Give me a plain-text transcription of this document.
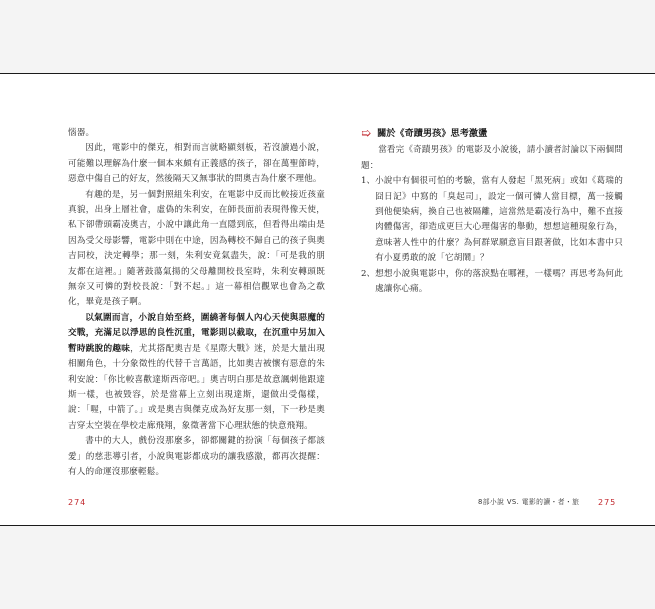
惱器。

因此，電影中的傑克，相對而言就略顯刻板，若沒讀過小說，可能難以理解為什麼一個本來頗有正義感的孩子，卻在萬聖節時，惡意中傷自己的好友，然後隔天又無事狀的問奧吉為什麼不理他。

有趣的是，另一個對照組朱利安，在電影中反而比較接近孩童真貌，出身上層社會，虛偽的朱利安，在師長面前表現得像天使，私下卻帶頭霸凌奧吉，小說中讓此角一直隱到底，但看得出端由是因為受父母影響，電影中則在中途，因為轉校不歸自己的孩子與奧吉同校，決定轉學；那一刻，朱利安竟氣盡失，說：「可是我的朋友都在這裡。」隨著鼓蕩氣揚的父母離開校長室時，朱利安轉頭既無奈又可憐的對校長說：「對不起。」這一幕相信觀眾也會為之欷化，畢竟是孩子啊。

以氣圍而言，小說自始至終，圍繞著每個人內心天使與惡魔的交戰，充滿足以淨思的良性沉重，電影則以截取，在沉重中另加入暫時跳脫的趣味，尤其搭配奧吉是《星際大戰》迷，於是大量出現相關角色，十分象徵性的代替千言萬語，比如奧吉被懷有惡意的朱利安說：「你比較喜歡達斯西帝吧。」奧吉明白那是故意諷刺他跟達斯一樣，也被毀容，於是當幕上立刻出現達斯，還做出受傷樣，說：「喔，中箭了。」或是奧吉與傑克成為好友那一刻，下一秒是奧吉穿太空裝在學校走廊飛翔，象徵著當下心理狀態的快意飛翔。

書中的大人，戲份沒那麼多，卻都關鍵的扮演「每個孩子都該愛」的慈悲導引者，小說與電影都成功的讓我感激，都再次提醒：有人的命運沒那麼輕鬆。

➯ 關於《奇蹟男孩》思考激盪

當看完《奇蹟男孩》的電影及小說後，請小讀者討論以下兩個問題：

1、 小說中有個很可怕的考驗，當有人發起「黑死病」或如《葛瑞的囧日記》中寫的「臭起司」，設定一個可憐人當目標，萬一接觸到他便染病，換自己也被隔離，這當然是霸凌行為中，難不直接肉體傷害，卻造成更巨大心理傷害的舉動，想想這種現象行為，意味著人性中的什麼？為何群眾願意盲目跟著做，比如本書中只有小夏勇敢的說「它胡鬧」？
2、 想想小說與電影中，你的落淚點在哪裡，一樣嗎？再思考為何此處讓你心痛。
274	8部小說 VS. 電影的讀・者・旅 275
